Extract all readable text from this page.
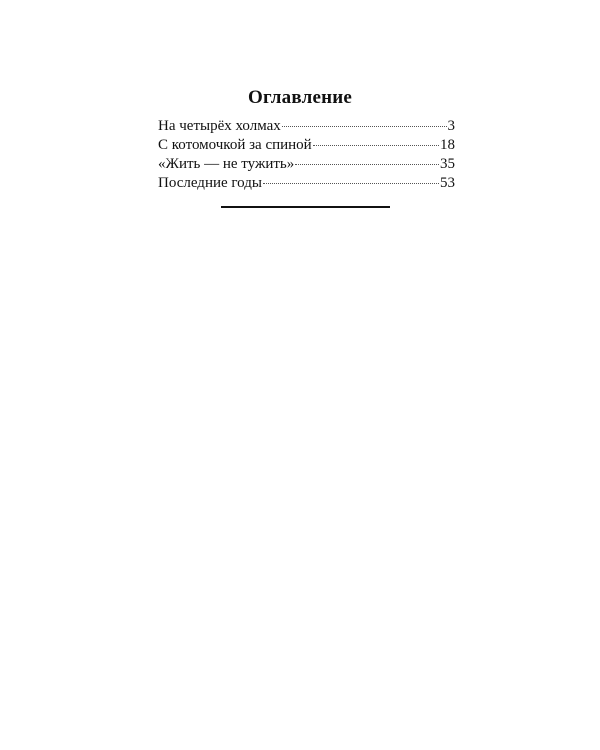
Оглавление
На четырёх холмах	3
С котомочкой за спиной	18
«Жить — не тужить»	35
Последние годы	53
